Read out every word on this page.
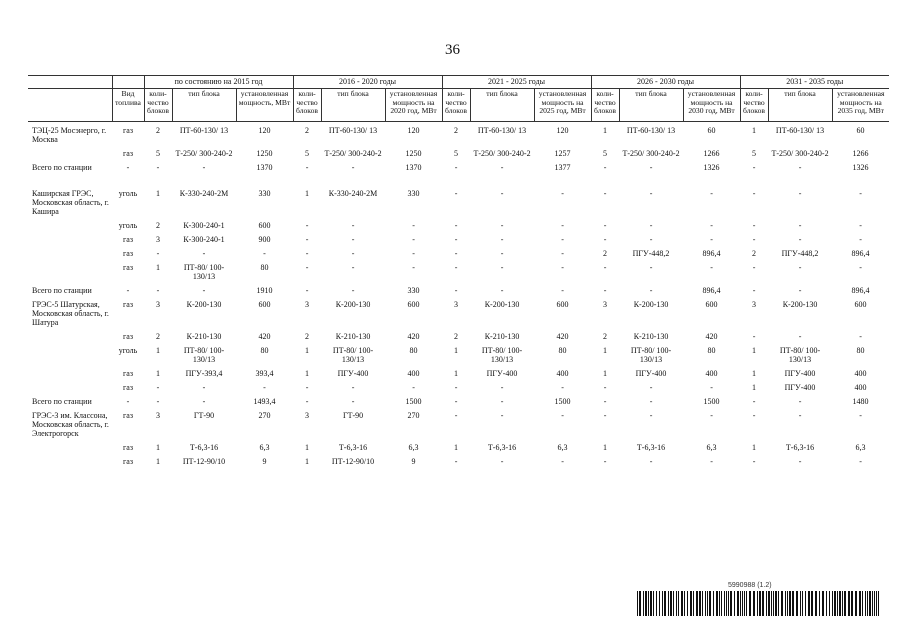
36
		по состоянию на 2015 год			2016 - 2020 годы			2021 - 2025 годы			2026 - 2030 годы			2031 - 2035 годы		
	Вид топлива	коли-чество блоков	тип блока	установленная мощность, МВт	коли-чество блоков	тип блока	установленная мощность на 2020 год, МВт	коли-чество блоков	тип блока	установленная мощность на 2025 год, МВт	коли-чество блоков	тип блока	установленная мощность на 2030 год, МВт	коли-чество блоков	тип блока	установленная мощность на 2035 год, МВт
ТЭЦ-25 Мосэнерго, г. Москва	газ	2	ПТ-60-130/ 13	120	2	ПТ-60-130/ 13	120	2	ПТ-60-130/ 13	120	1	ПТ-60-130/ 13	60	1	ПТ-60-130/ 13	60
	газ	5	Т-250/ 300-240-2	1250	5	Т-250/ 300-240-2	1250	5	Т-250/ 300-240-2	1257	5	Т-250/ 300-240-2	1266	5	Т-250/ 300-240-2	1266
Всего по станции	-	-	-	1370	-	-	1370	-	-	1377	-	-	1326	-	-	1326

Каширская ГРЭС, Московская область, г. Кашира	уголь	1	К-330-240-2М	330	1	К-330-240-2М	330	-	-	-	-	-	-	-	-	-
	уголь	2	К-300-240-1	600	-	-	-	-	-	-	-	-	-	-	-	-
	газ	3	К-300-240-1	900	-	-	-	-	-	-	-	-	-	-	-	-
	газ	-	-	-	-	-	-	-	-	-	2	ПГУ-448,2	896,4	2	ПГУ-448,2	896,4
	газ	1	ПТ-80/ 100-130/13	80	-	-	-	-	-	-	-	-	-	-	-	-
Всего по станции	-	-	-	1910	-	-	330	-	-	-	-	-	896,4	-	-	896,4
ГРЭС-5 Шатурская, Московская область, г. Шатура	газ	3	К-200-130	600	3	К-200-130	600	3	К-200-130	600	3	К-200-130	600	3	К-200-130	600
	газ	2	К-210-130	420	2	К-210-130	420	2	К-210-130	420	2	К-210-130	420	-	-	-
	уголь	1	ПТ-80/ 100-130/13	80	1	ПТ-80/ 100-130/13	80	1	ПТ-80/ 100-130/13	80	1	ПТ-80/ 100-130/13	80	1	ПТ-80/ 100-130/13	80
	газ	1	ПГУ-393,4	393,4	1	ПГУ-400	400	1	ПГУ-400	400	1	ПГУ-400	400	1	ПГУ-400	400
	газ	-	-	-	-	-	-	-	-	-	-	-	-	1	ПГУ-400	400
Всего по станции	-	-	-	1493,4	-	-	1500	-	-	1500	-	-	1500	-	-	1480
ГРЭС-3 им. Классона, Московская область, г. Электрогорск	газ	3	ГТ-90	270	3	ГТ-90	270	-	-	-	-	-	-	-	-	-
	газ	1	Т-6,3-16	6,3	1	Т-6,3-16	6,3	1	Т-6,3-16	6,3	1	Т-6,3-16	6,3	1	Т-6,3-16	6,3
	газ	1	ПТ-12-90/10	9	1	ПТ-12-90/10	9	-	-	-	-	-	-	-	-	-
5990988 (1.2)
